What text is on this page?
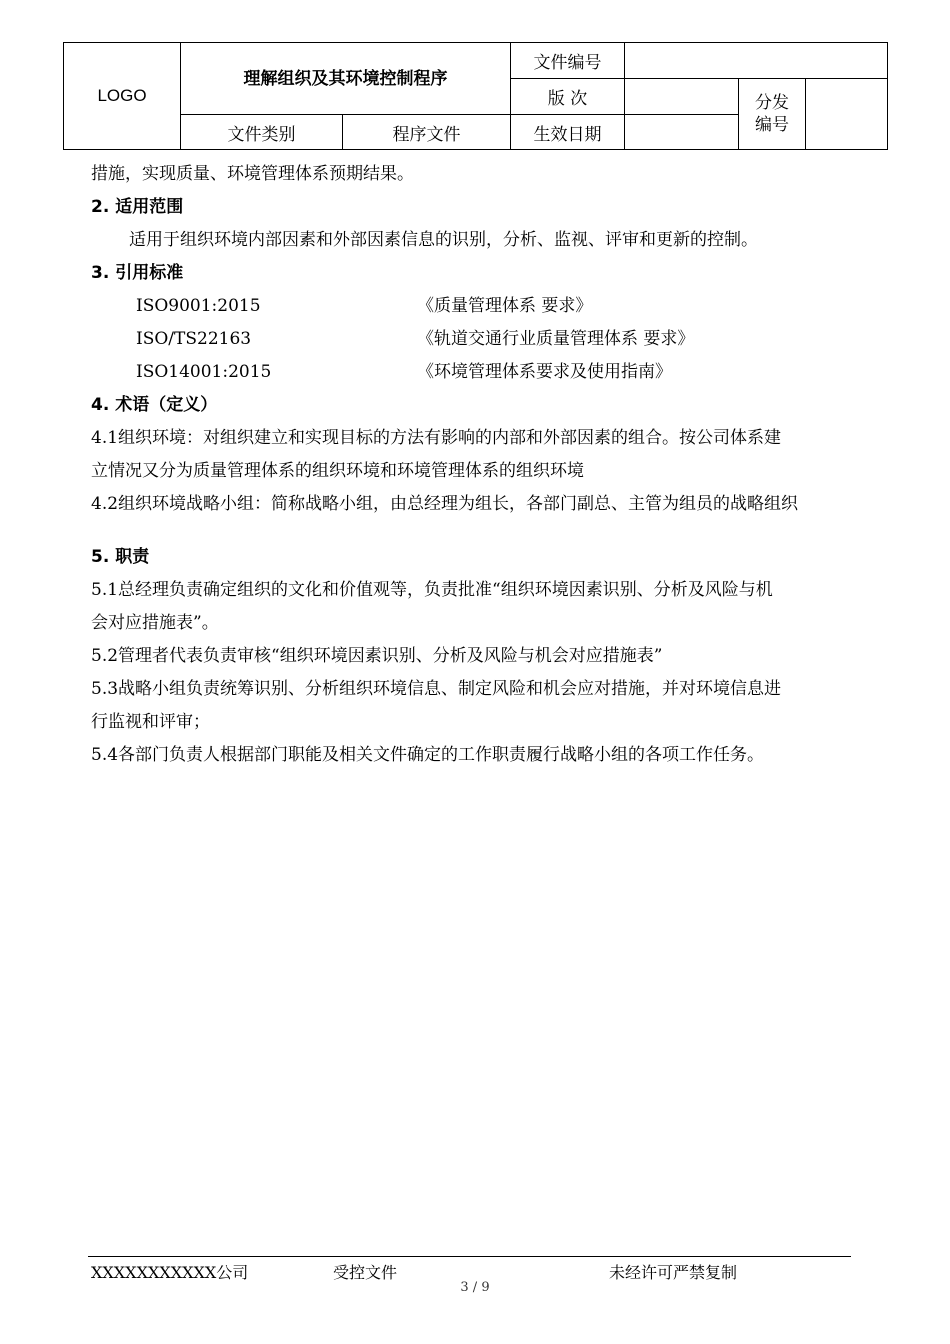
LOGO	理解组织及其环境控制程序		文件编号			
			版 次		分发编号	
	文件类别	程序文件	生效日期			

措施，实现质量、环境管理体系预期结果。

2. 适用范围

适用于组织环境内部因素和外部因素信息的识别，分析、监视、评审和更新的控制。

3. 引用标准

ISO9001:2015	《质量管理体系 要求》
ISO/TS22163	《轨道交通行业质量管理体系 要求》
ISO14001:2015	《环境管理体系要求及使用指南》

4. 术语（定义）

4.1组织环境：对组织建立和实现目标的方法有影响的内部和外部因素的组合。按公司体系建

立情况又分为质量管理体系的组织环境和环境管理体系的组织环境

4.2组织环境战略小组：简称战略小组，由总经理为组长，各部门副总、主管为组员的战略组织

5. 职责

5.1总经理负责确定组织的文化和价值观等，负责批准“组织环境因素识别、分析及风险与机

会对应措施表”。

5.2管理者代表负责审核“组织环境因素识别、分析及风险与机会对应措施表”

5.3战略小组负责统筹识别、分析组织环境信息、制定风险和机会应对措施，并对环境信息进

行监视和评审；

5.4各部门负责人根据部门职能及相关文件确定的工作职责履行战略小组的各项工作任务。

XXXXXXXXXXX公司	受控文件	未经许可严禁复制
3 / 9
